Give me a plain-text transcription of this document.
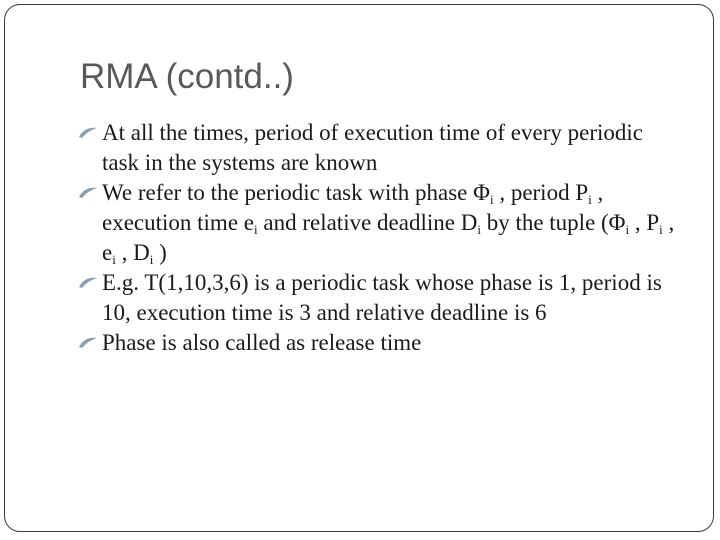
RMA (contd..)

At all the times, period of execution time of every periodic task in the systems are known

We refer to the periodic task with phase $\Phi_i$ , period $P_i$ , execution time $e_i$ and relative deadline $D_i$ by the tuple ($\Phi_i$ , $P_i$ , $e_i$ , $D_i$ )

E.g. T(1,10,3,6) is a periodic task whose phase is 1, period is 10, execution time is 3 and relative deadline is 6

Phase is also called as release time
